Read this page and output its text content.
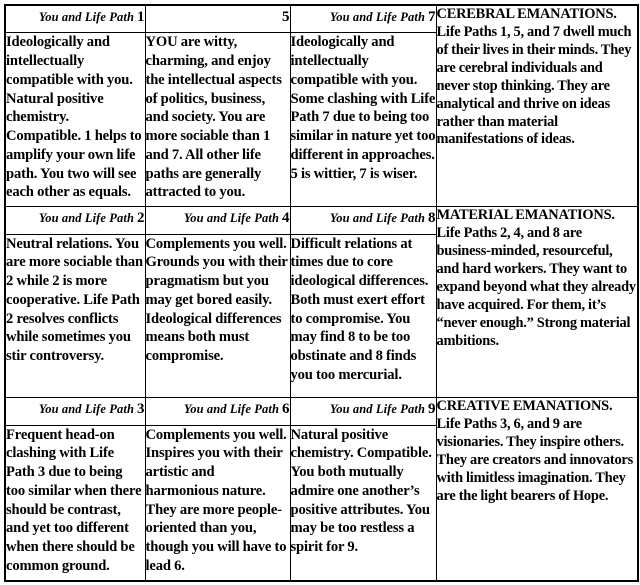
You and Life Path 1	5	You and Life Path 7	CEREBRAL EMANATIONS. Life Paths 1, 5, and 7 dwell much of their lives in their minds. They are cerebral individuals and never stop thinking. They are analytical and thrive on ideas rather than material manifestations of ideas.
Ideologically and intellectually compatible with you. Natural positive chemistry. Compatible. 1 helps to amplify your own life path. You two will see each other as equals.	YOU are witty, charming, and enjoy the intellectual aspects of politics, business, and society. You are more sociable than 1 and 7. All other life paths are generally attracted to you.	Ideologically and intellectually compatible with you. Some clashing with Life Path 7 due to being too similar in nature yet too different in approaches. 5 is wittier, 7 is wiser.	
You and Life Path 2	You and Life Path 4	You and Life Path 8	MATERIAL EMANATIONS. Life Paths 2, 4, and 8 are business-minded, resourceful, and hard workers. They want to expand beyond what they already have acquired. For them, it’s “never enough.” Strong material ambitions.
Neutral relations. You are more sociable than 2 while 2 is more cooperative. Life Path 2 resolves conflicts while sometimes you stir controversy.	Complements you well. Grounds you with their pragmatism but you may get bored easily. Ideological differences means both must compromise.	Difficult relations at times due to core ideological differences. Both must exert effort to compromise. You may find 8 to be too obstinate and 8 finds you too mercurial.	
You and Life Path 3	You and Life Path 6	You and Life Path 9	CREATIVE EMANATIONS. Life Paths 3, 6, and 9 are visionaries. They inspire others. They are creators and innovators with limitless imagination. They are the light bearers of Hope.
Frequent head-on clashing with Life Path 3 due to being too similar when there should be contrast, and yet too different when there should be common ground.	Complements you well. Inspires you with their artistic and harmonious nature. They are more people-oriented than you, though you will have to lead 6.	Natural positive chemistry. Compatible. You both mutually admire one another’s positive attributes. You may be too restless a spirit for 9.	
